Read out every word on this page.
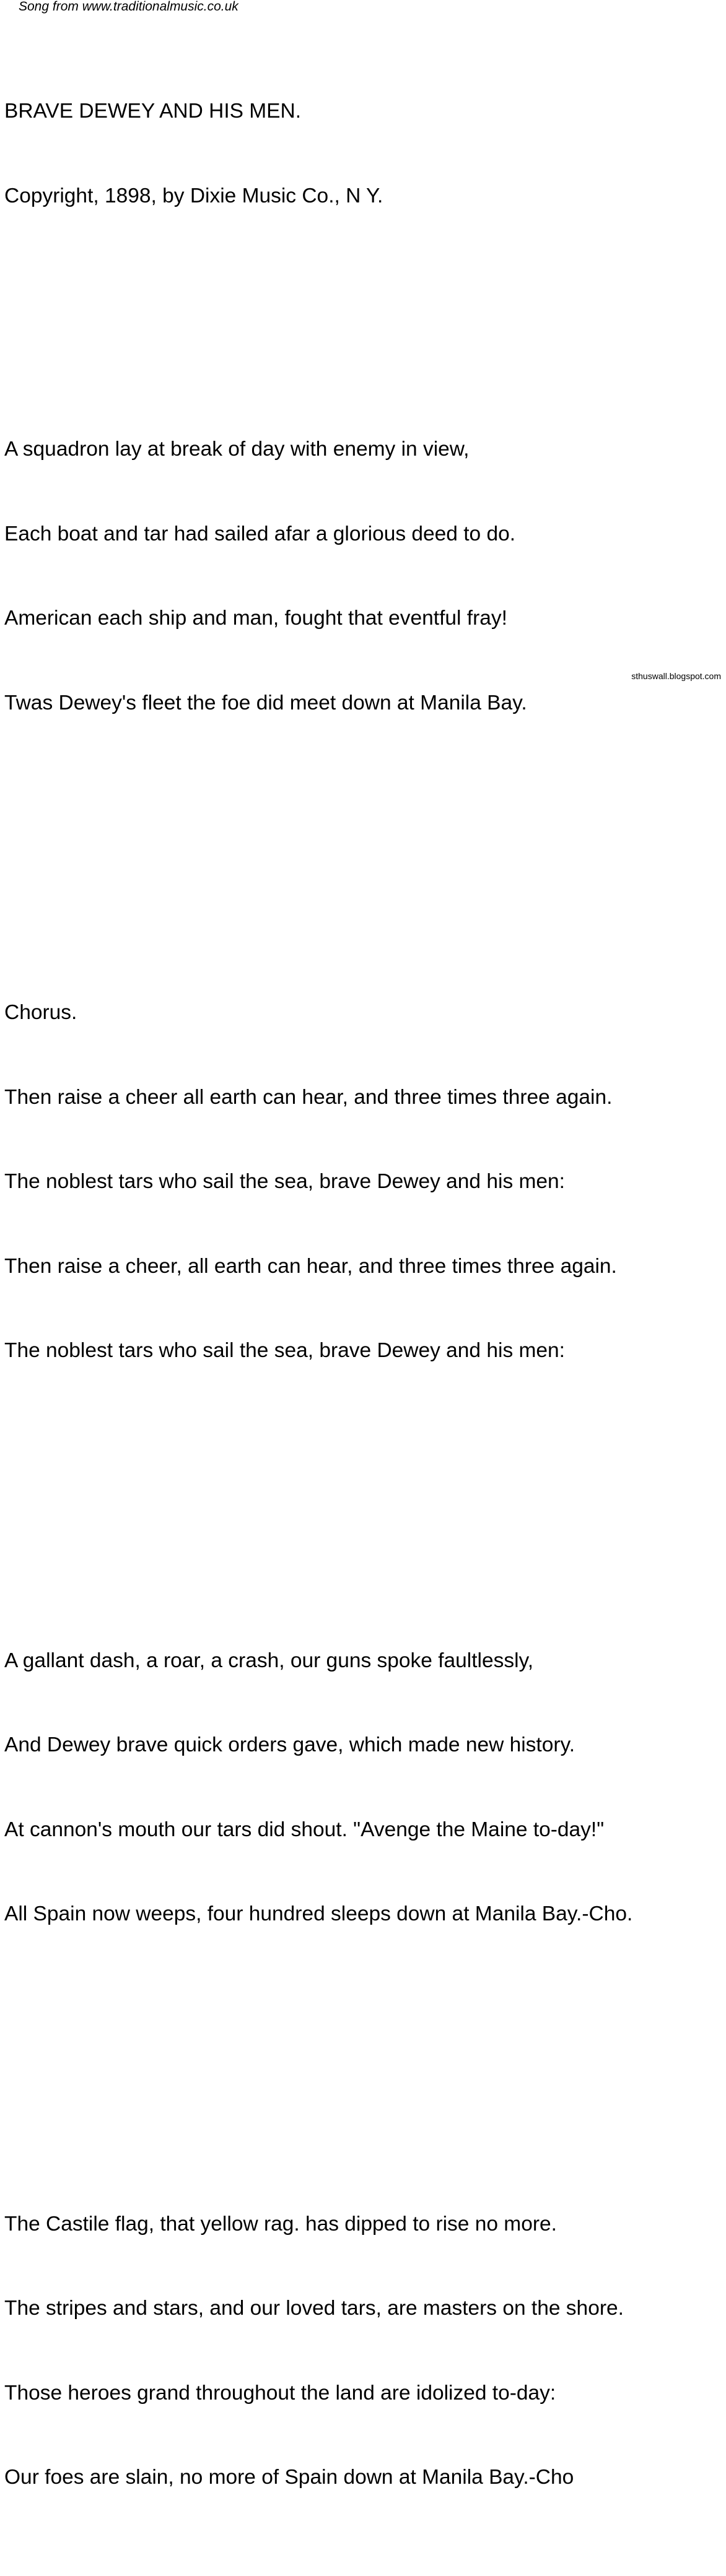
Song from www.traditionalmusic.co.uk

BRAVE DEWEY AND HIS MEN.

Copyright, 1898, by Dixie Music Co., N Y.

A squadron lay at break of day with enemy in view,

Each boat and tar had sailed afar a glorious deed to do.

American each ship and man, fought that eventful fray!

Twas Dewey's fleet the foe did meet down at Manila Bay.

Chorus.

Then raise a cheer all earth can hear, and three times three again.

The noblest tars who sail the sea, brave Dewey and his men:

Then raise a cheer, all earth can hear, and three times three again.

The noblest tars who sail the sea, brave Dewey and his men:

A gallant dash, a roar, a crash, our guns spoke faultlessly,

And Dewey brave quick orders gave, which made new history.

At cannon's mouth our tars did shout. "Avenge the Maine to-day!"

All Spain now weeps, four hundred sleeps down at Manila Bay.-Cho.

The Castile flag, that yellow rag. has dipped to rise no more.

The stripes and stars, and our loved tars, are masters on the shore.

Those heroes grand throughout the land are idolized to-day:

Our foes are slain, no more of Spain down at Manila Bay.-Cho

sthuswall.blogspot.com
